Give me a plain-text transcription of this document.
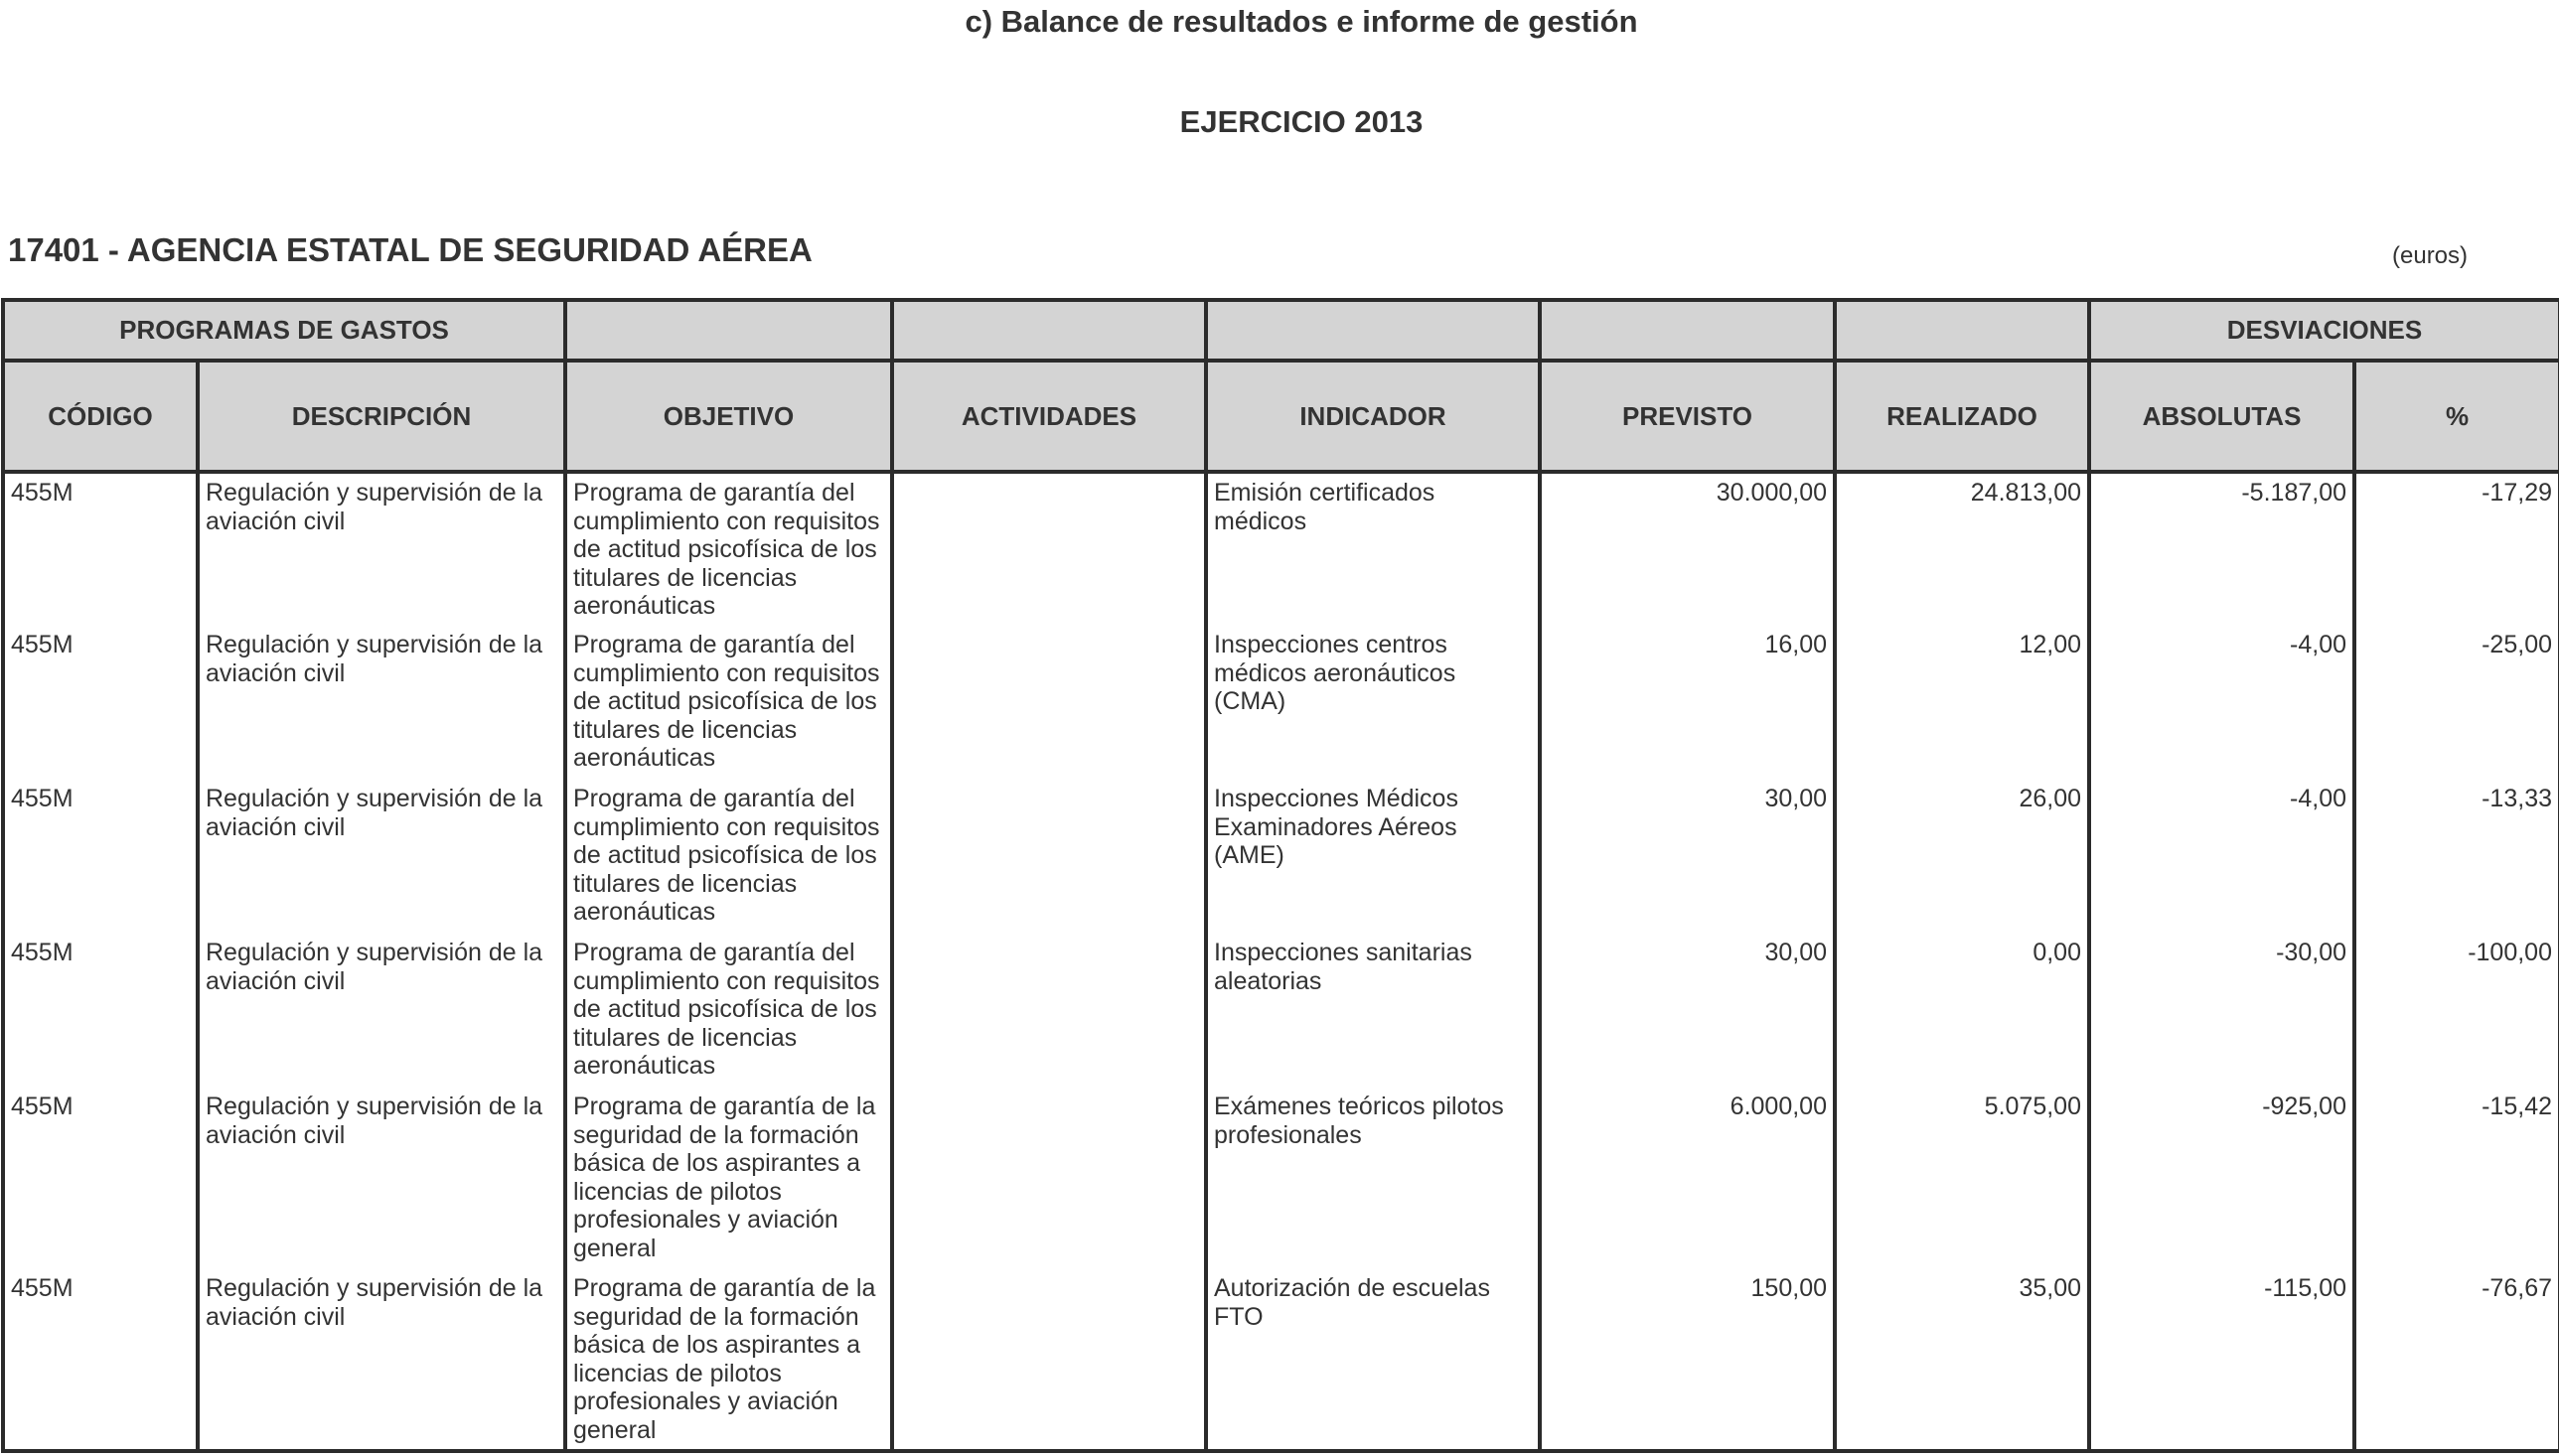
c) Balance de resultados e informe de gestión
EJERCICIO 2013
17401 - AGENCIA ESTATAL DE SEGURIDAD AÉREA	(euros)
PROGRAMAS DE GASTOS							DESVIACIONES	
CÓDIGO	DESCRIPCIÓN	OBJETIVO	ACTIVIDADES	INDICADOR	PREVISTO	REALIZADO	ABSOLUTAS	%
455M	Regulación y supervisión de la aviación civil	Programa de garantía del cumplimiento con requisitos de actitud psicofísica de los titulares de licencias aeronáuticas		Emisión certificados médicos	30.000,00	24.813,00	-5.187,00	-17,29
455M	Regulación y supervisión de la aviación civil	Programa de garantía del cumplimiento con requisitos de actitud psicofísica de los titulares de licencias aeronáuticas		Inspecciones centros médicos aeronáuticos (CMA)	16,00	12,00	-4,00	-25,00
455M	Regulación y supervisión de la aviación civil	Programa de garantía del cumplimiento con requisitos de actitud psicofísica de los titulares de licencias aeronáuticas		Inspecciones Médicos Examinadores Aéreos (AME)	30,00	26,00	-4,00	-13,33
455M	Regulación y supervisión de la aviación civil	Programa de garantía del cumplimiento con requisitos de actitud psicofísica de los titulares de licencias aeronáuticas		Inspecciones sanitarias aleatorias	30,00	0,00	-30,00	-100,00
455M	Regulación y supervisión de la aviación civil	Programa de garantía de la seguridad de la formación básica de los aspirantes a licencias de pilotos profesionales y aviación general		Exámenes teóricos pilotos profesionales	6.000,00	5.075,00	-925,00	-15,42
455M	Regulación y supervisión de la aviación civil	Programa de garantía de la seguridad de la formación básica de los aspirantes a licencias de pilotos profesionales y aviación general		Autorización de escuelas FTO	150,00	35,00	-115,00	-76,67
